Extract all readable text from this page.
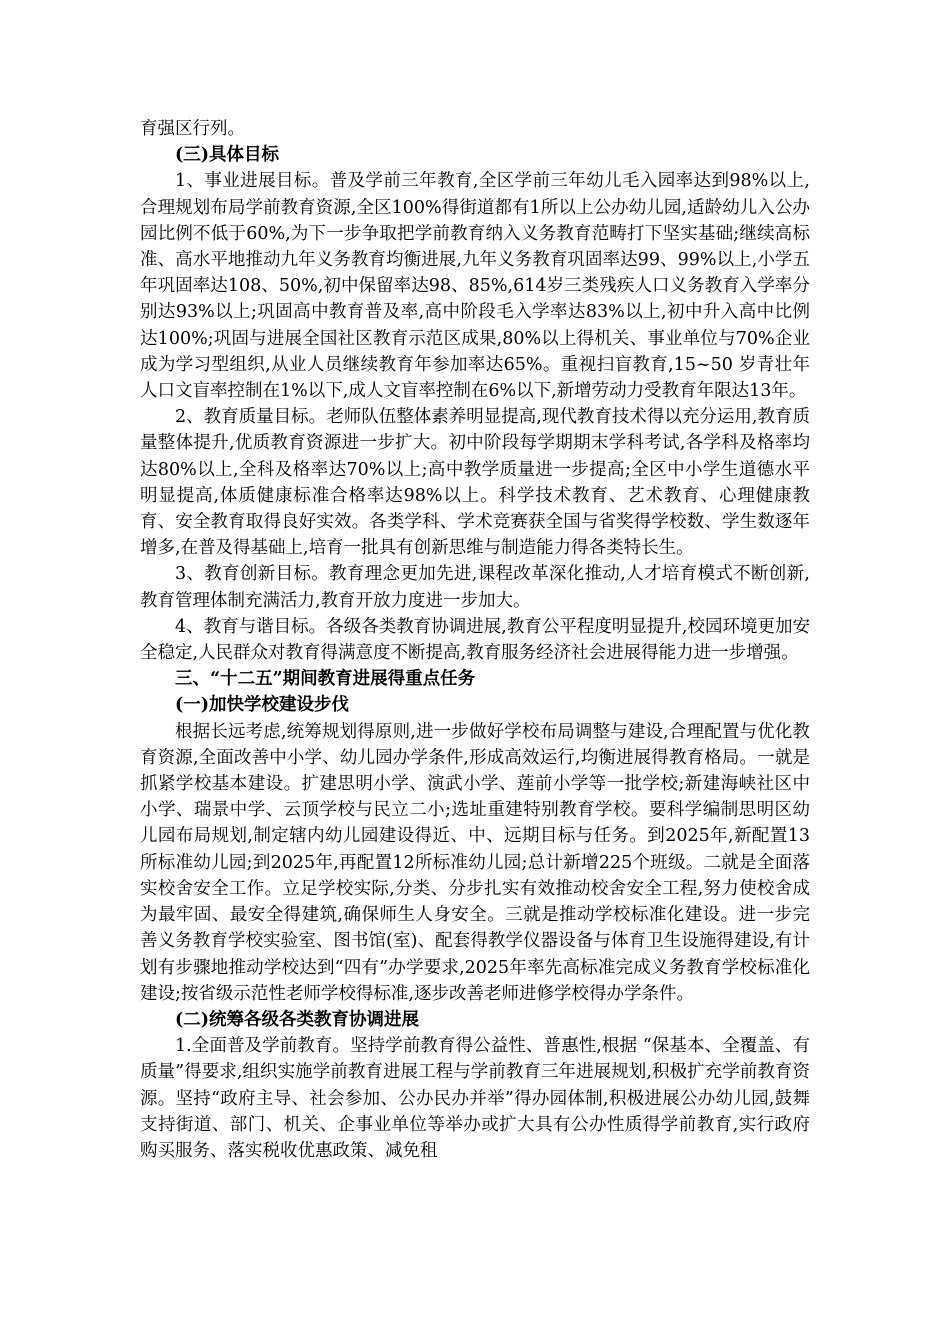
育强区行列。

(三)具体目标

1、事业进展目标。普及学前三年教育,全区学前三年幼儿毛入园率达到98%以上, 合理规划布局学前教育资源,全区100%得街道都有1所以上公办幼儿园,适龄幼儿入公办园比例不低于60%,为下一步争取把学前教育纳入义务教育范畴打下坚实基础;继续高标准、高水平地推动九年义务教育均衡进展,九年义务教育巩固率达99、99%以上,小学五年巩固率达108、50%,初中保留率达98、85%,614岁三类残疾人口义务教育入学率分别达93%以上;巩固高中教育普及率,高中阶段毛入学率达83%以上,初中升入高中比例达100%;巩固与进展全国社区教育示范区成果,80%以上得机关、事业单位与70%企业成为学习型组织,从业人员继续教育年参加率达65%。重视扫盲教育,15~50 岁青壮年人口文盲率控制在1%以下,成人文盲率控制在6%以下,新增劳动力受教育年限达13年。

2、教育质量目标。老师队伍整体素养明显提高,现代教育技术得以充分运用,教育质量整体提升,优质教育资源进一步扩大。初中阶段每学期期末学科考试,各学科及格率均达80%以上,全科及格率达70%以上;高中教学质量进一步提高;全区中小学生道德水平明显提高,体质健康标准合格率达98%以上。科学技术教育、艺术教育、心理健康教育、安全教育取得良好实效。各类学科、学术竞赛获全国与省奖得学校数、学生数逐年增多,在普及得基础上,培育一批具有创新思维与制造能力得各类特长生。

3、教育创新目标。教育理念更加先进,课程改革深化推动,人才培育模式不断创新,教育管理体制充满活力,教育开放力度进一步加大。

4、教育与谐目标。各级各类教育协调进展,教育公平程度明显提升,校园环境更加安全稳定,人民群众对教育得满意度不断提高,教育服务经济社会进展得能力进一步增强。

三、“十二五”期间教育进展得重点任务

(一)加快学校建设步伐

根据长远考虑,统筹规划得原则,进一步做好学校布局调整与建设,合理配置与优化教育资源,全面改善中小学、幼儿园办学条件,形成高效运行,均衡进展得教育格局。一就是抓紧学校基本建设。扩建思明小学、演武小学、莲前小学等一批学校;新建海峡社区中小学、瑞景中学、云顶学校与民立二小;选址重建特别教育学校。要科学编制思明区幼儿园布局规划,制定辖内幼儿园建设得近、中、远期目标与任务。到2025年,新配置13所标准幼儿园;到2025年,再配置12所标准幼儿园;总计新增225个班级。二就是全面落实校舍安全工作。立足学校实际,分类、分步扎实有效推动校舍安全工程,努力使校舍成为最牢固、最安全得建筑,确保师生人身安全。三就是推动学校标准化建设。进一步完善义务教育学校实验室、图书馆(室)、配套得教学仪器设备与体育卫生设施得建设,有计划有步骤地推动学校达到“四有”办学要求,2025年率先高标准完成义务教育学校标准化建设;按省级示范性老师学校得标准,逐步改善老师进修学校得办学条件。

(二)统筹各级各类教育协调进展

1.全面普及学前教育。坚持学前教育得公益性、普惠性,根据 “保基本、全覆盖、有质量”得要求,组织实施学前教育进展工程与学前教育三年进展规划,积极扩充学前教育资源。坚持“政府主导、社会参加、公办民办并举”得办园体制,积极进展公办幼儿园,鼓舞支持街道、部门、机关、企事业单位等举办或扩大具有公办性质得学前教育,实行政府购买服务、落实税收优惠政策、减免租
